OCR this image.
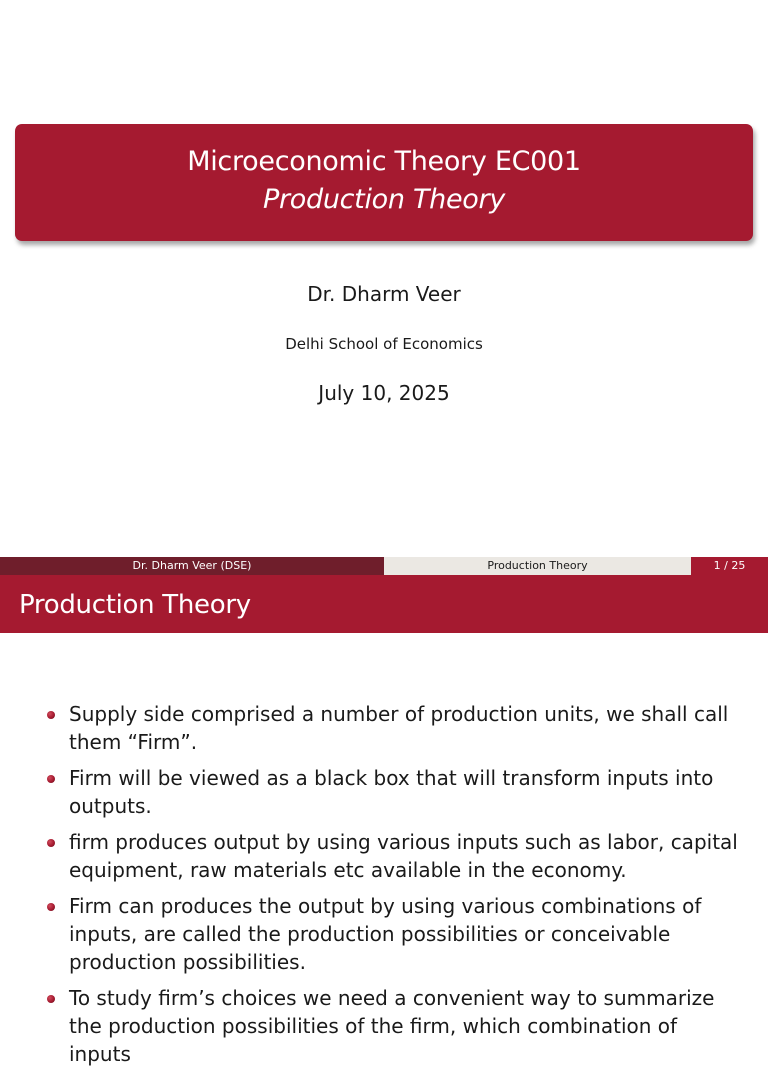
Microeconomic Theory EC001
Production Theory
Dr. Dharm Veer
Delhi School of Economics
July 10, 2025
Dr. Dharm Veer (DSE)	Production Theory	1 / 25
Production Theory
Supply side comprised a number of production units, we shall call them “Firm”.
Firm will be viewed as a black box that will transform inputs into outputs.
firm produces output by using various inputs such as labor, capital equipment, raw materials etc available in the economy.
Firm can produces the output by using various combinations of inputs, are called the production possibilities or conceivable production possibilities.
To study firm’s choices we need a convenient way to summarize the production possibilities of the firm, which combination of inputs
